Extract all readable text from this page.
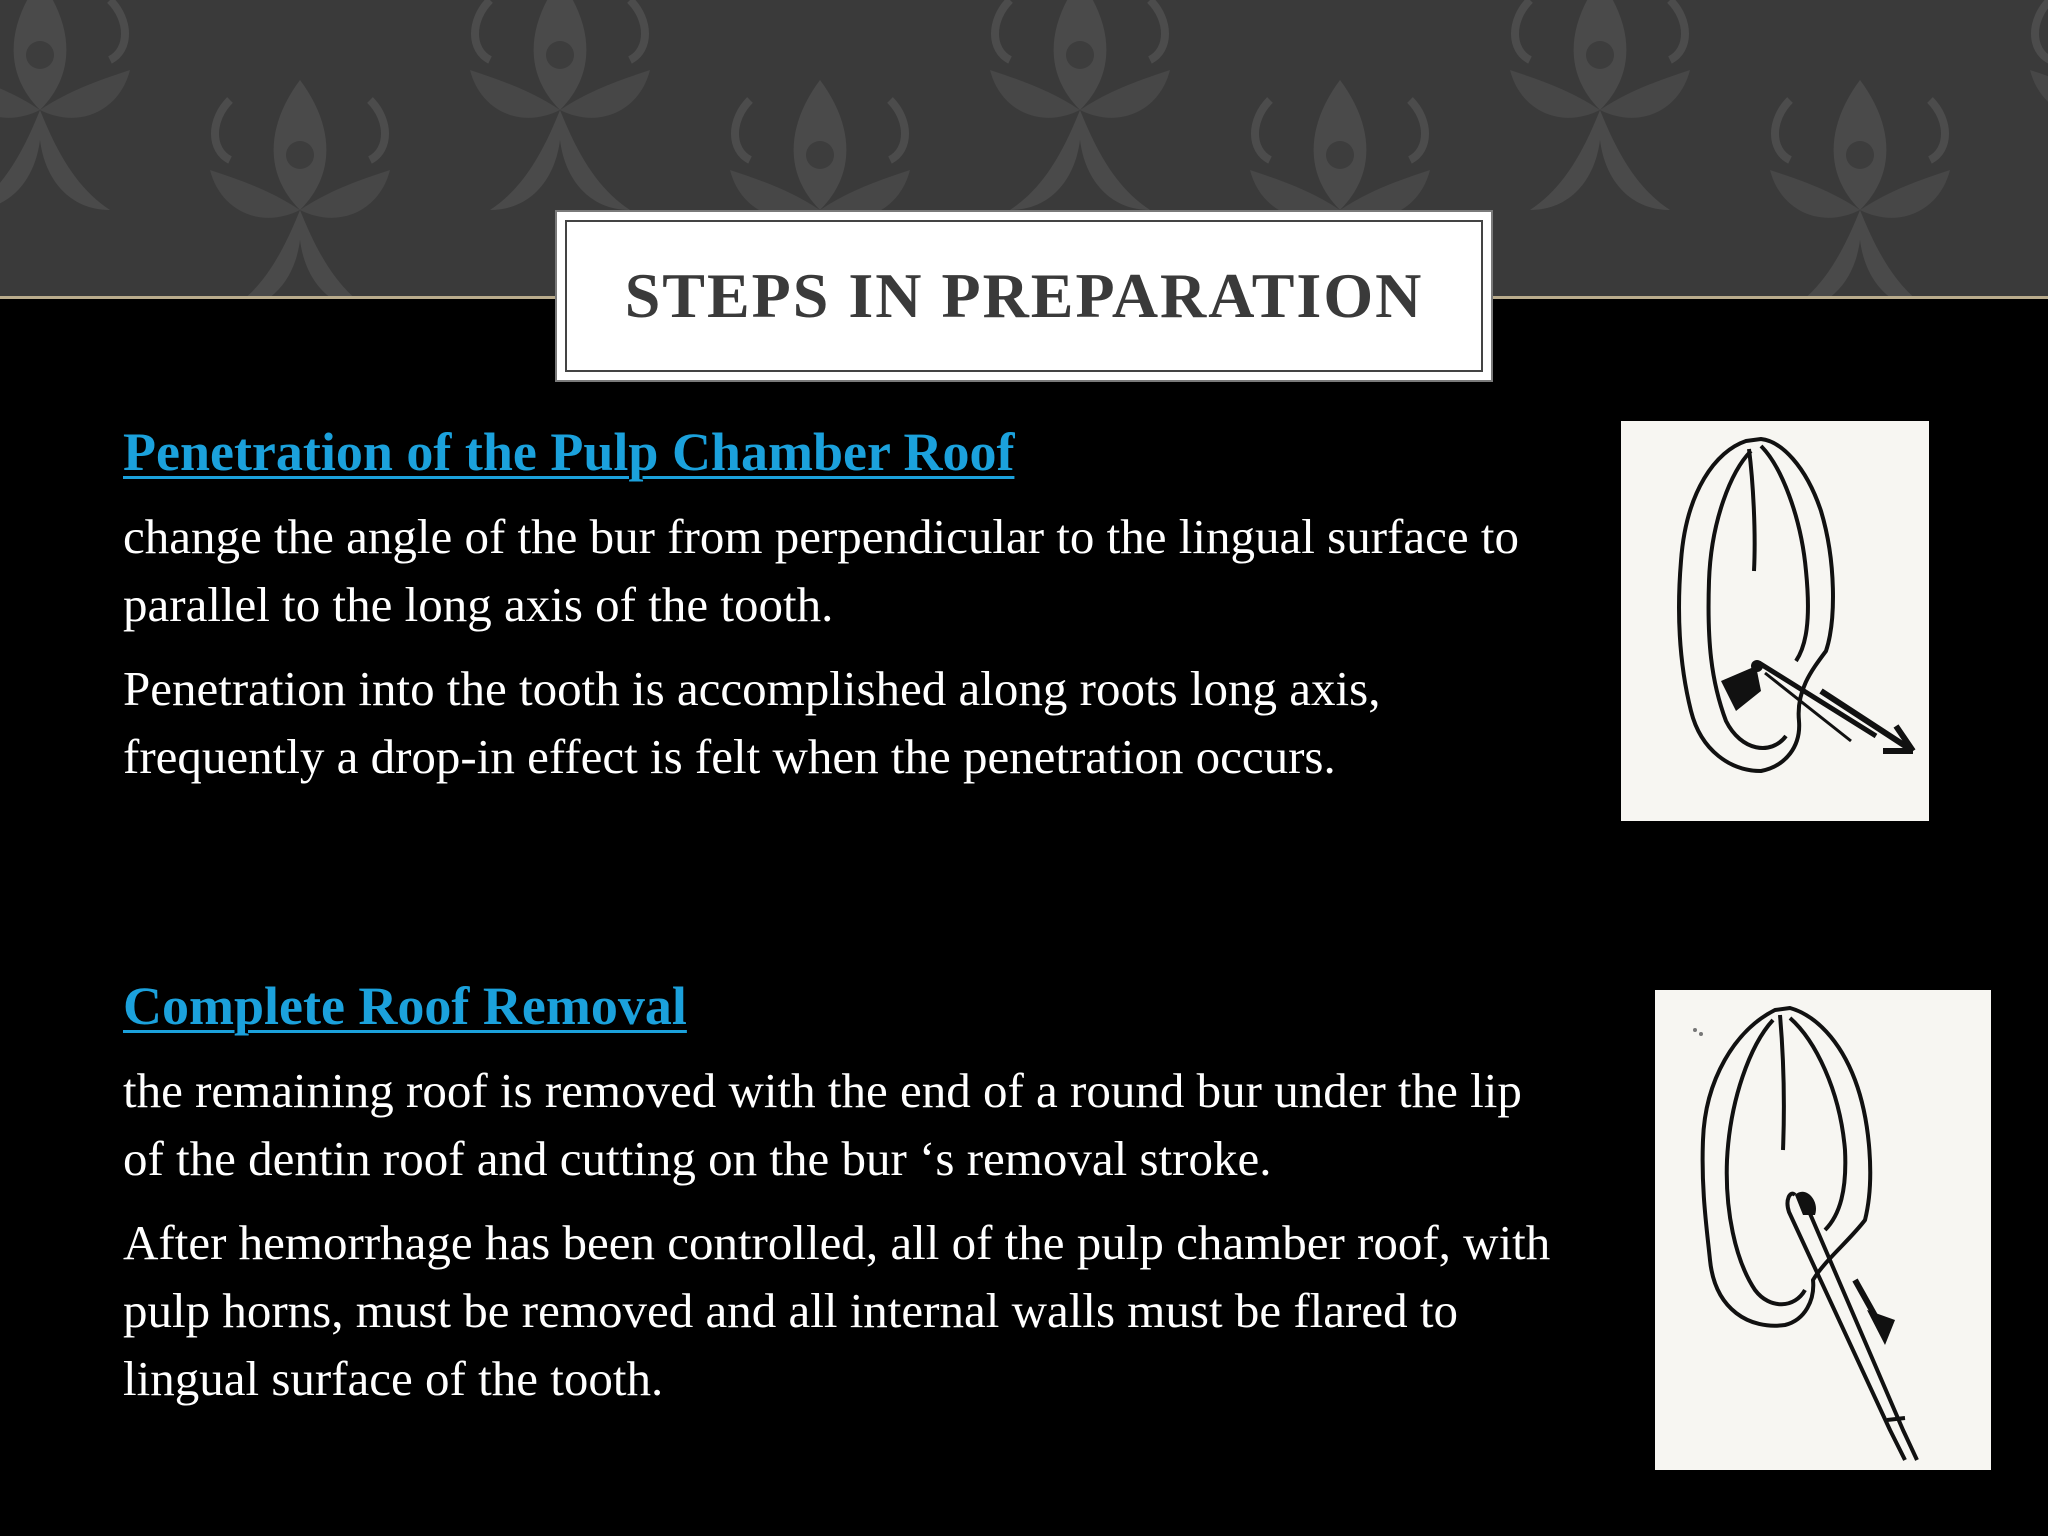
STEPS IN PREPARATION
Penetration of the Pulp Chamber Roof

change the angle of the bur from perpendicular to the lingual surface to parallel to the long axis of the tooth.

Penetration into the tooth is accomplished along roots long axis, frequently a drop-in effect is felt when the penetration occurs.

Complete Roof Removal

the remaining roof is removed with the end of a round bur under the lip of the dentin roof and cutting on the bur ‘s removal stroke.

After hemorrhage has been controlled, all of the pulp chamber roof, with pulp horns, must be removed and all internal walls must be flared to lingual surface of the tooth.
